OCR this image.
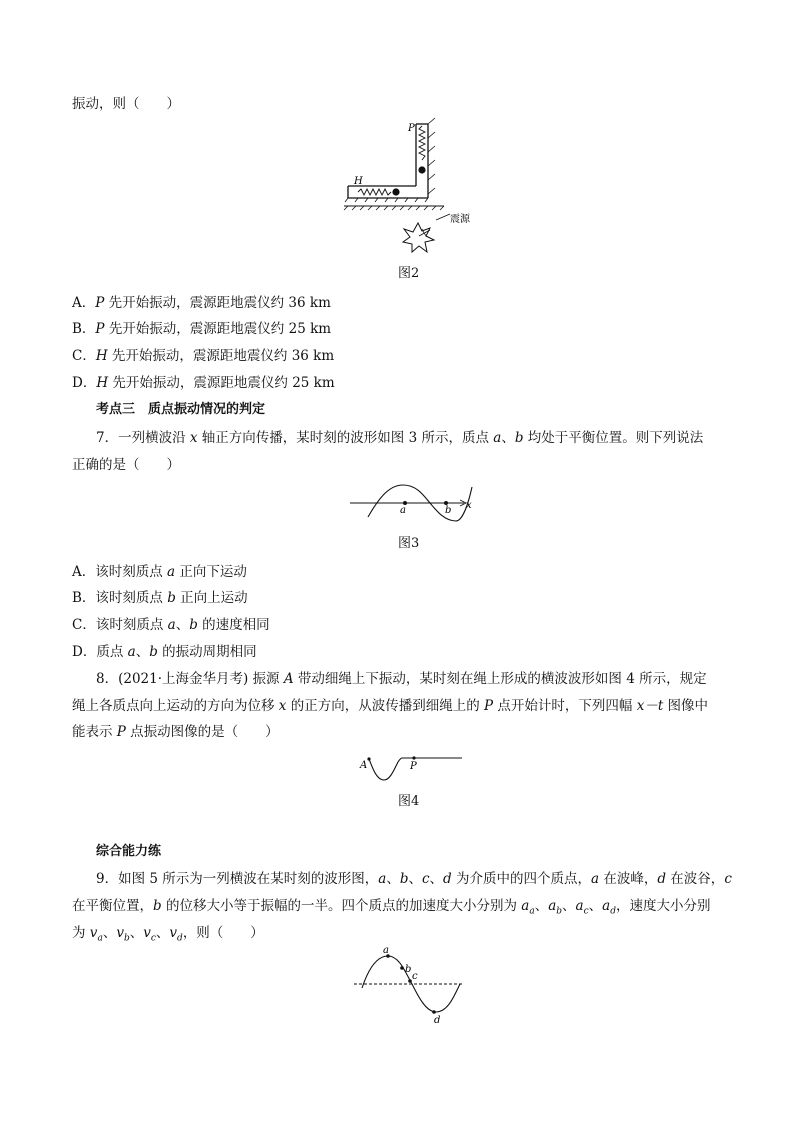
振动，则（　　）
P
H
震源
图2
A．P 先开始振动，震源距地震仪约 36 km
B．P 先开始振动，震源距地震仪约 25 km
C．H 先开始振动，震源距地震仪约 36 km
D．H 先开始振动，震源距地震仪约 25 km
考点三　质点振动情况的判定
7．一列横波沿 x 轴正方向传播，某时刻的波形如图 3 所示，质点 a、b 均处于平衡位置。则下列说法
正确的是（　　）
x
a	b
图3
A．该时刻质点 a 正向下运动
B．该时刻质点 b 正向上运动
C．该时刻质点 a、b 的速度相同
D．质点 a、b 的振动周期相同
8．(2021·上海金华月考) 振源 A 带动细绳上下振动，某时刻在绳上形成的横波波形如图 4 所示，规定
绳上各质点向上运动的方向为位移 x 的正方向，从波传播到细绳上的 P 点开始计时，下列四幅 x－t 图像中
能表示 P 点振动图像的是（　　）
A	P
图4
综合能力练
9．如图 5 所示为一列横波在某时刻的波形图，a、b、c、d 为介质中的四个质点，a 在波峰，d 在波谷，c
在平衡位置，b 的位移大小等于振幅的一半。四个质点的加速度大小分别为 $a_a$、$a_b$、$a_c$、$a_d$，速度大小分别
为 $v_a$、$v_b$、$v_c$、$v_d$，则（　　）
a
b
c
d
